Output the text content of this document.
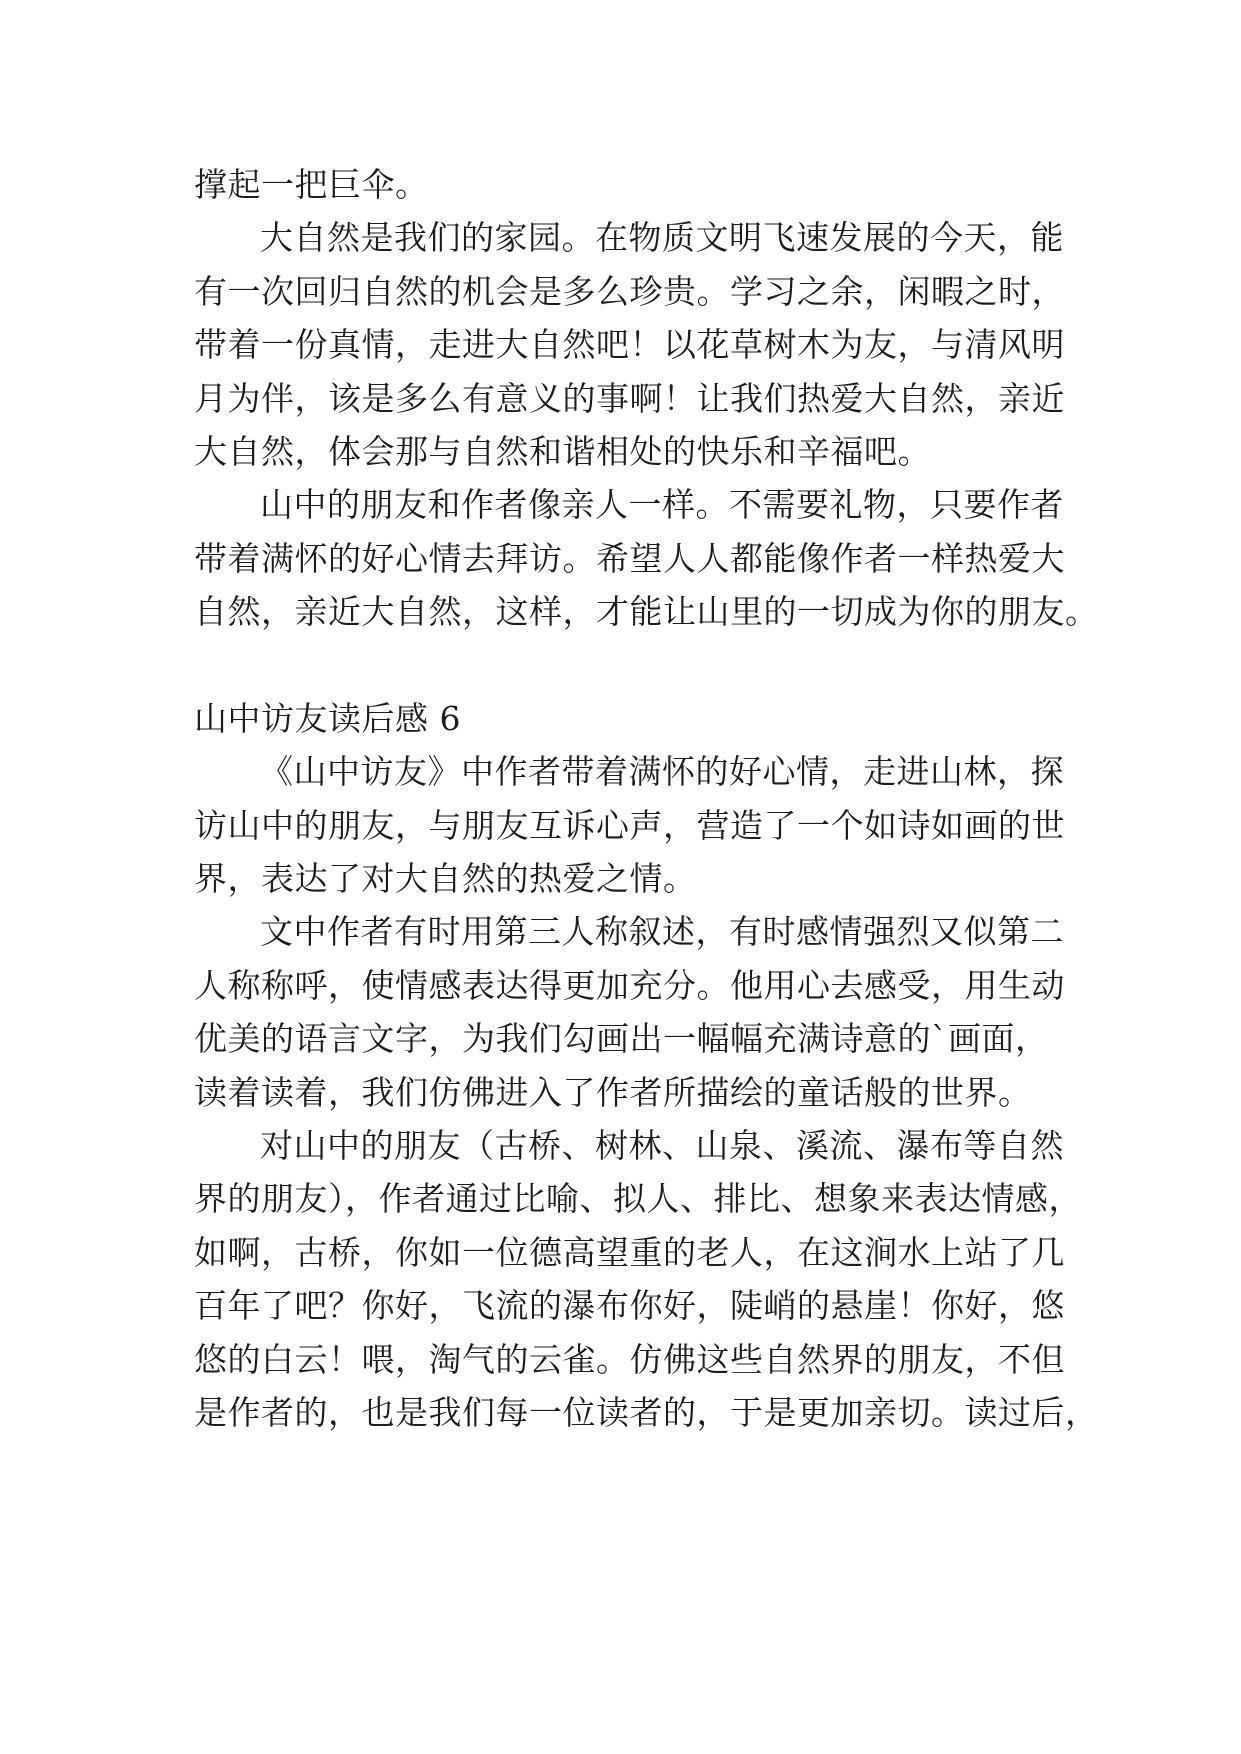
撑起一把巨伞。
大自然是我们的家园。在物质文明飞速发展的今天，能
有一次回归自然的机会是多么珍贵。学习之余，闲暇之时，
带着一份真情，走进大自然吧！以花草树木为友，与清风明
月为伴，该是多么有意义的事啊！让我们热爱大自然，亲近
大自然，体会那与自然和谐相处的快乐和辛福吧。
山中的朋友和作者像亲人一样。不需要礼物，只要作者
带着满怀的好心情去拜访。希望人人都能像作者一样热爱大
自然，亲近大自然，这样，才能让山里的一切成为你的朋友。
山中访友读后感 6
《山中访友》中作者带着满怀的好心情，走进山林，探
访山中的朋友，与朋友互诉心声，营造了一个如诗如画的世
界，表达了对大自然的热爱之情。
文中作者有时用第三人称叙述，有时感情强烈又似第二
人称称呼，使情感表达得更加充分。他用心去感受，用生动
优美的语言文字，为我们勾画出一幅幅充满诗意的`画面，
读着读着，我们仿佛进入了作者所描绘的童话般的世界。
对山中的朋友（古桥、树林、山泉、溪流、瀑布等自然
界的朋友），作者通过比喻、拟人、排比、想象来表达情感，
如啊，古桥，你如一位德高望重的老人，在这涧水上站了几
百年了吧？你好，飞流的瀑布你好，陡峭的悬崖！你好，悠
悠的白云！喂，淘气的云雀。仿佛这些自然界的朋友，不但
是作者的，也是我们每一位读者的，于是更加亲切。读过后，
